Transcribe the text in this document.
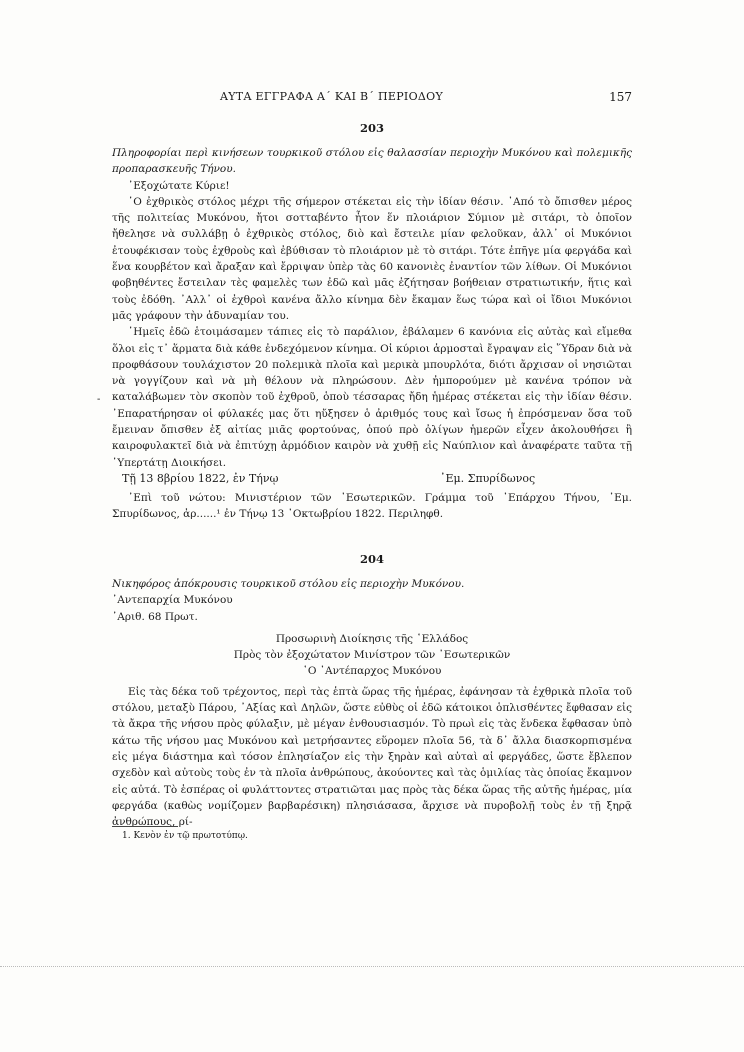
ΑΥΤΑ ΕΓΓΡΑΦΑ Α΄ ΚΑΙ Β΄ ΠΕΡΙΟΔΟΥ	157
203
Πληροφορίαι περὶ κινήσεων τουρκικοῦ στόλου εἰς θαλασσίαν περιοχὴν Μυκόνου καὶ πολεμικῆς προπαρασκευῆς Τήνου.
᾿Εξοχώτατε Κύριε!
῾Ο ἐχθρικὸς στόλος μέχρι τῆς σήμερον στέκεται εἰς τὴν ἰδίαν θέσιν. ᾿Από τὸ ὄπισθεν μέρος τῆς πολιτείας Μυκόνου, ἤτοι σοτταβέντο ἦτον ἕν πλοιάριον Σύμιον μὲ σιτάρι, τὸ ὁποῖον ἤθελησε νὰ συλλάβῃ ὁ ἐχθρικὸς στόλος, διὸ καὶ ἔστειλε μίαν φελοῦκαν, ἀλλ᾿ οἱ Μυκόνιοι ἐτουφέκισαν τοὺς ἐχθροὺς καὶ ἐβύθισαν τὸ πλοιάριον μὲ τὸ σιτάρι. Τότε ἐπῆγε μία φεργάδα καὶ ἕνα κουρβέτον καὶ ἄραξαν καὶ ἔρριψαν ὑπὲρ τὰς 60 κανονιὲς ἐναντίον τῶν λίθων. Οἱ Μυκόνιοι φοβηθέντες ἔστειλαν τὲς φαμελὲς των ἐδῶ καὶ μᾶς ἐζήτησαν βοήθειαν στρατιωτικήν, ἥτις καὶ τοὺς ἐδόθη. ᾿Αλλ᾿ οἱ ἐχθροὶ κανένα ἄλλο κίνημα δὲν ἔκαμαν ἕως τώρα καὶ οἱ ἴδιοι Μυκόνιοι μᾶς γράφουν τὴν ἀδυναμίαν του.
῾Ημεῖς ἐδῶ ἑτοιμάσαμεν τάπιες εἰς τὸ παράλιον, ἐβάλαμεν 6 κανόνια εἰς αὐτὰς καὶ εἴμεθα ὅλοι εἰς τ᾿ ἅρματα διὰ κάθε ἐνδεχόμενον κίνημα. Οἱ κύριοι ἁρμοσταὶ ἔγραψαν εἰς ῞Υδραν διὰ νὰ προφθάσουν τουλάχιστον 20 πολεμικὰ πλοῖα καὶ μερικὰ μπουρλότα, διότι ἄρχισαν οἱ νησιῶται νὰ γογγίζουν καὶ νὰ μὴ θέλουν νὰ πληρώσουν. Δὲν ἠμπορούμεν μὲ κανένα τρόπον νὰ καταλάβωμεν τὸν σκοπὸν τοῦ ἐχθροῦ, ὁποὺ τέσσαρας ἤδη ἡμέρας στέκεται εἰς τὴν ἰδίαν θέσιν. ᾿Επαρατήρησαν οἱ φύλακές μας ὅτι ηὔξησεν ὁ ἀριθμός τους καὶ ἴσως ἡ ἐπρόσμεναν ὅσα τοῦ ἔμειναν ὄπισθεν ἐξ αἰτίας μιᾶς φορτούνας, ὁπού πρὸ ὀλίγων ἡμερῶν εἶχεν ἀκολουθήσει ἢ καιροφυλακτεῖ διὰ νὰ ἐπιτύχῃ ἁρμόδιον καιρὸν νὰ χυθῇ εἰς Ναύπλιον καὶ ἀναφέρατε ταῦτα τῇ ῾Υπερτάτῃ Διοικήσει.
Τῇ 13 8βρίου 1822, ἐν Τήνῳ	᾿Εμ. Σπυρίδωνος
᾿Επὶ τοῦ νώτου: Μινιστέριον τῶν ᾿Εσωτερικῶν. Γράμμα τοῦ ᾿Επάρχου Τήνου, ᾿Εμ. Σπυρίδωνος, ἀρ......¹ ἐν Τήνῳ 13 ᾿Οκτωβρίου 1822. Περιληφθ.
-
204
Νικηφόρος ἀπόκρουσις τουρκικοῦ στόλου εἰς περιοχὴν Μυκόνου.
᾿Αντεπαρχία Μυκόνου
᾿Αριθ. 68 Πρωτ.
Προσωρινὴ Διοίκησις τῆς ῾Ελλάδος
Πρὸς τὸν ἐξοχώτατον Μινίστρον τῶν ᾿Εσωτερικῶν
῾Ο ᾿Αντέπαρχος Μυκόνου
Εἰς τὰς δέκα τοῦ τρέχοντος, περὶ τὰς ἑπτὰ ὥρας τῆς ἡμέρας, ἐφάνησαν τὰ ἐχθρικὰ πλοῖα τοῦ στόλου, μεταξὺ Πάρου, ᾿Αξίας καὶ Δηλῶν, ὥστε εὐθὺς οἱ ἐδῶ κάτοικοι ὁπλισθέντες ἔφθασαν εἰς τὰ ἄκρα τῆς νήσου πρὸς φύλαξιν, μὲ μέγαν ἐνθουσιασμόν. Τὸ πρωὶ εἰς τὰς ἕνδεκα ἔφθασαν ὑπὸ κάτω τῆς νήσου μας Μυκόνου καὶ μετρήσαντες εὕρομεν πλοῖα 56, τὰ δ᾿ ἄλλα διασκορπισμένα εἰς μέγα διάστημα καὶ τόσον ἐπλησίαζον εἰς τὴν ξηρὰν καὶ αὐταὶ αἱ φεργάδες, ὥστε ἔβλεπον σχεδὸν καὶ αὐτοὺς τοὺς ἐν τὰ πλοῖα ἀνθρώπους, ἀκούοντες καὶ τὰς ὁμιλίας τὰς ὁποίας ἔκαμνον εἰς αὐτά. Τὸ ἑσπέρας οἱ φυλάττοντες στρατιῶται μας πρὸς τὰς δέκα ὥρας τῆς αὐτῆς ἡμέρας, μία φεργάδα (καθὼς νομίζομεν βαρβαρέσικη) πλησιάσασα, ἄρχισε νὰ πυροβολῇ τοὺς ἐν τῇ ξηρᾷ ἀνθρώπους, ρί-
1. Κενὸν ἐν τῷ πρωτοτύπῳ.
